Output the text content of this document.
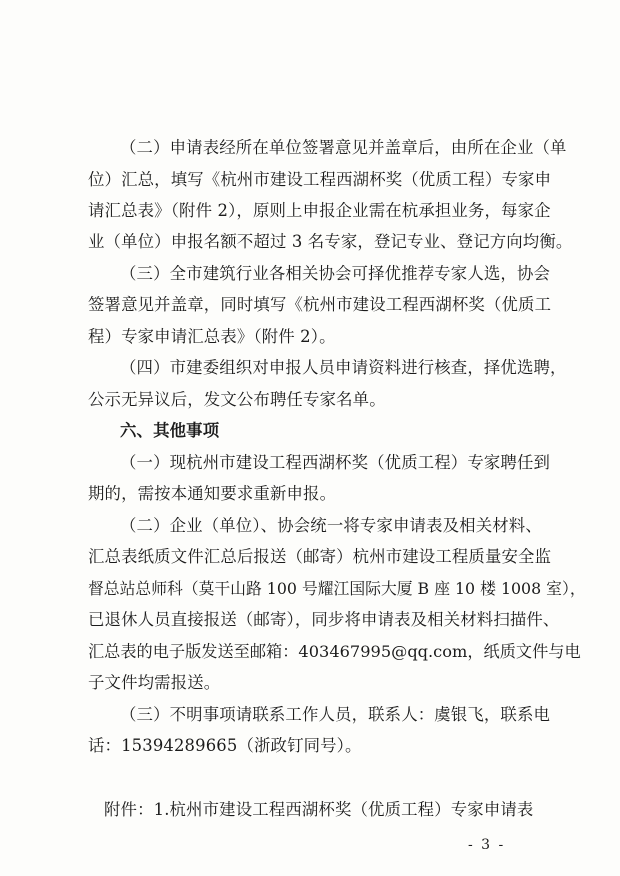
（二）申请表经所在单位签署意见并盖章后，由所在企业（单
位）汇总，填写《杭州市建设工程西湖杯奖（优质工程）专家申
请汇总表》（附件 2），原则上申报企业需在杭承担业务，每家企
业（单位）申报名额不超过 3 名专家，登记专业、登记方向均衡。
（三）全市建筑行业各相关协会可择优推荐专家人选，协会
签署意见并盖章，同时填写《杭州市建设工程西湖杯奖（优质工
程）专家申请汇总表》（附件 2）。
（四）市建委组织对申报人员申请资料进行核查，择优选聘，
公示无异议后，发文公布聘任专家名单。
六、其他事项
（一）现杭州市建设工程西湖杯奖（优质工程）专家聘任到
期的，需按本通知要求重新申报。
（二）企业（单位）、协会统一将专家申请表及相关材料、
汇总表纸质文件汇总后报送（邮寄）杭州市建设工程质量安全监
督总站总师科（莫干山路 100 号耀江国际大厦 B 座 10 楼 1008 室），
已退休人员直接报送（邮寄），同步将申请表及相关材料扫描件、
汇总表的电子版发送至邮箱：403467995@qq.com，纸质文件与电
子文件均需报送。
（三）不明事项请联系工作人员，联系人：虞银飞，联系电
话：15394289665（浙政钉同号）。
附件：1.杭州市建设工程西湖杯奖（优质工程）专家申请表
- 3 -
